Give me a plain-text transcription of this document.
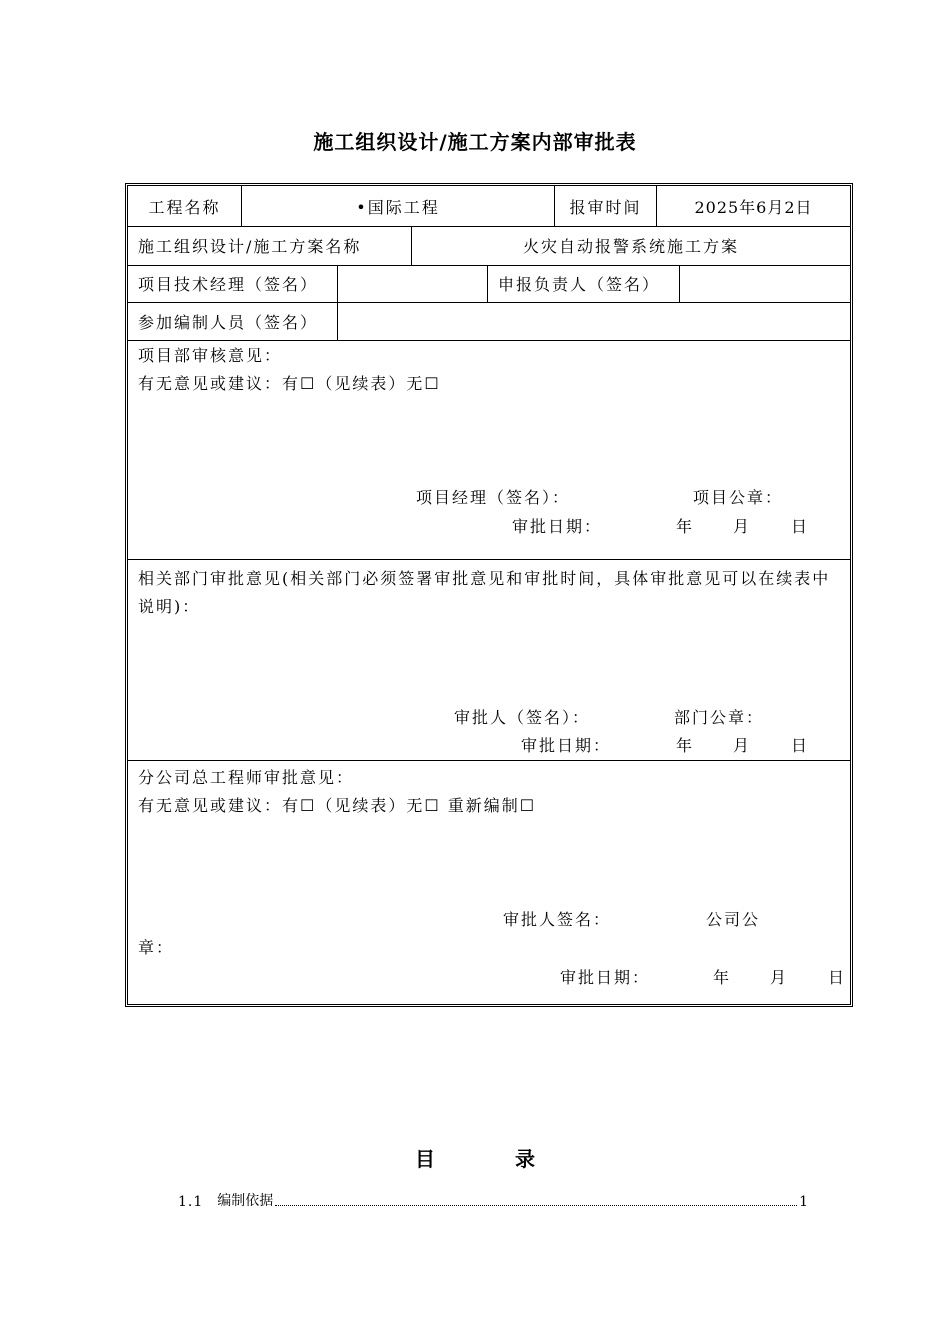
施工组织设计/施工方案内部审批表
工程名称	•国际工程	报审时间	2025年6月2日
施工组织设计/施工方案名称	火灾自动报警系统施工方案
项目技术经理（签名）	申报负责人（签名）
参加编制人员（签名）
项目部审核意见：
有无意见或建议：有☐（见续表）无☐
项目经理（签名）：	项目公章：
审批日期：	年 月 日
相关部门审批意见(相关部门必须签署审批意见和审批时间，具体审批意见可以在续表中说明)：
审批人（签名）：	部门公章：
审批日期：	年 月 日
分公司总工程师审批意见：
有无意见或建议：有☐（见续表）无☐ 重新编制☐
审批人签名：	公司公
章：
审批日期：	年 月 日
目	录
1.1 编制依据	1
